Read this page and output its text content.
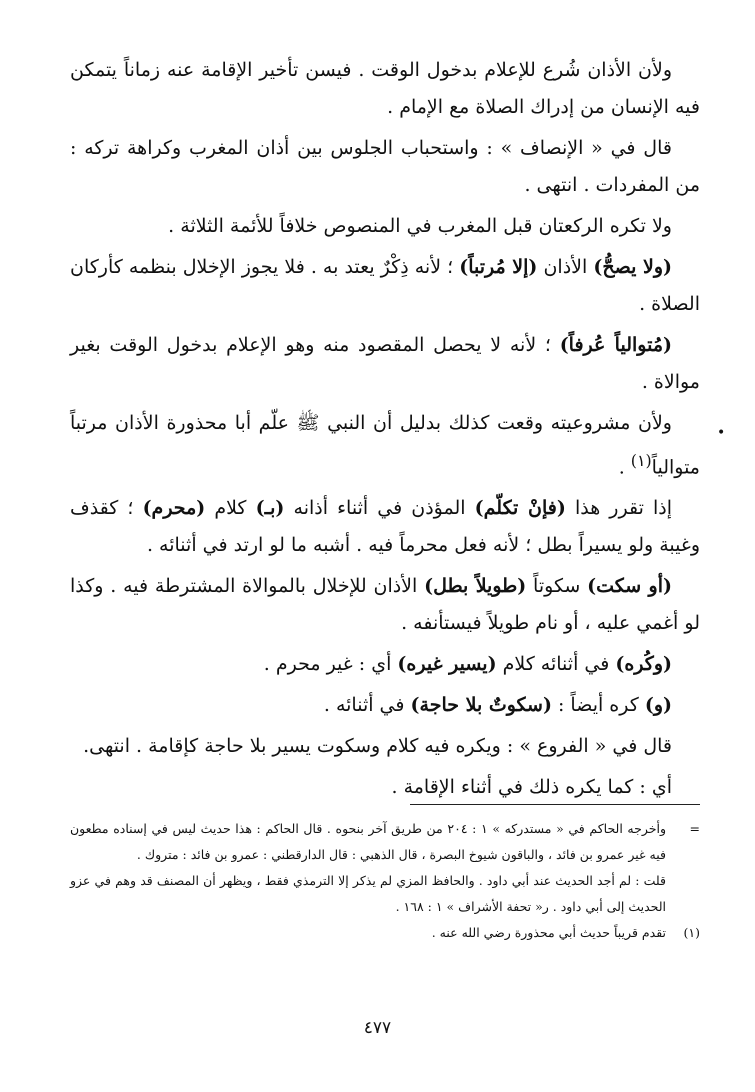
ولأن الأذان شُرع للإعلام بدخول الوقت . فيسن تأخير الإقامة عنه زماناً يتمكن فيه الإنسان من إدراك الصلاة مع الإمام .

قال في « الإنصاف » : واستحباب الجلوس بين أذان المغرب وكراهة تركه : من المفردات . انتهى .

ولا تكره الركعتان قبل المغرب في المنصوص خلافاً للأئمة الثلاثة .

(ولا يصحُّ) الأذان (إلا مُرتباً) ؛ لأنه ذِكْرٌ يعتد به . فلا يجوز الإخلال بنظمه كأركان الصلاة .

(مُتوالياً عُرفاً) ؛ لأنه لا يحصل المقصود منه وهو الإعلام بدخول الوقت بغير موالاة .

ولأن مشروعيته وقعت كذلك بدليل أن النبي ﷺ علّم أبا محذورة الأذان مرتباً متوالياً$^{(١)}$ .

إذا تقرر هذا (فإنْ تكلّم) المؤذن في أثناء أذانه (بـ) كلام (محرم) ؛ كقذف وغيبة ولو يسيراً بطل ؛ لأنه فعل محرماً فيه . أشبه ما لو ارتد في أثنائه .

(أو سكت) سكوتاً (طويلاً بطل) الأذان للإخلال بالموالاة المشترطة فيه . وكذا لو أغمي عليه ، أو نام طويلاً فيستأنفه .

(وكُره) في أثنائه كلام (يسير غيره) أي : غير محرم .

(و) كره أيضاً : (سكوتٌ بلا حاجة) في أثنائه .

قال في « الفروع » : ويكره فيه كلام وسكوت يسير بلا حاجة كإقامة . انتهى.

أي : كما يكره ذلك في أثناء الإقامة .

•
=
وأخرجه الحاكم في « مستدركه » ١ : ٢٠٤ من طريق آخر بنحوه . قال الحاكم : هذا حديث ليس في إسناده مطعون فيه غير عمرو بن فائد ، والباقون شيوخ البصرة ، قال الذهبي : قال الدارقطني : عمرو بن فائد : متروك .
قلت : لم أجد الحديث عند أبي داود . والحافظ المزي لم يذكر إلا الترمذي فقط ، ويظهر أن المصنف قد وهم في عزو الحديث إلى أبي داود . ر« تحفة الأشراف » ١ : ١٦٨ .
(١)
تقدم قريباً حديث أبي محذورة رضي الله عنه .
٤٧٧
